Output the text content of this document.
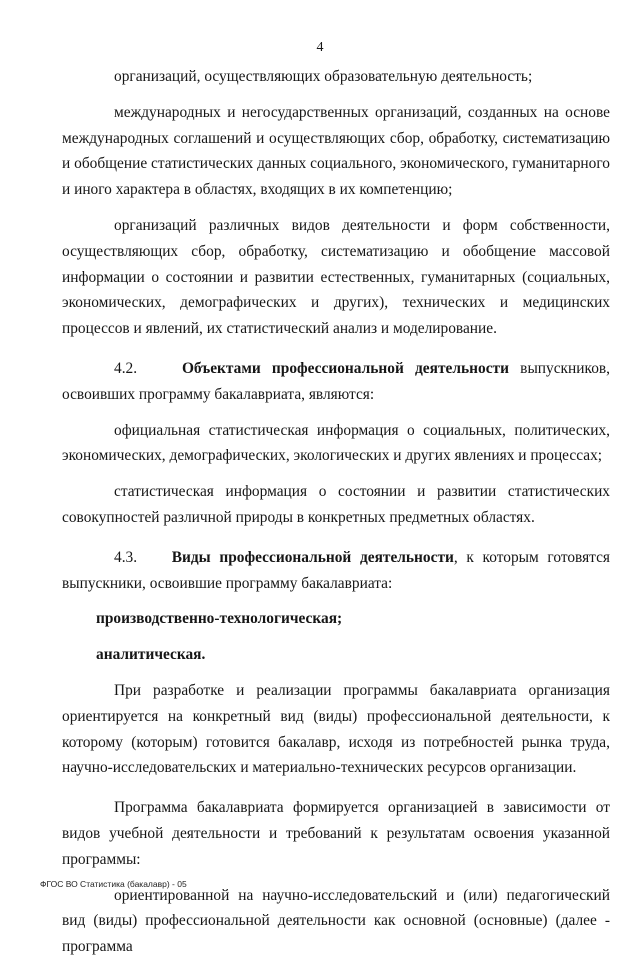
4

организаций, осуществляющих образовательную деятельность;

международных и негосударственных организаций, созданных на основе международных соглашений и осуществляющих сбор, обработку, систематизацию и обобщение статистических данных социального, экономического, гуманитарного и иного характера в областях, входящих в их компетенцию;

организаций различных видов деятельности и форм собственности, осуществляющих сбор, обработку, систематизацию и обобщение массовой информации о состоянии и развитии естественных, гуманитарных (социальных, экономических, демографических и других), технических и медицинских процессов и явлений, их статистический анализ и моделирование.

4.2.	Объектами профессиональной деятельности выпускников, освоивших программу бакалавриата, являются:

официальная статистическая информация о социальных, политических, экономических, демографических, экологических и других явлениях и процессах;

статистическая информация о состоянии и развитии статистических совокупностей различной природы в конкретных предметных областях.

4.3. Виды профессиональной деятельности, к которым готовятся выпускники, освоившие программу бакалавриата:

производственно-технологическая;

аналитическая.

При разработке и реализации программы бакалавриата организация ориентируется на конкретный вид (виды) профессиональной деятельности, к которому (которым) готовится бакалавр, исходя из потребностей рынка труда, научно-исследовательских и материально-технических ресурсов организации.

Программа бакалавриата формируется организацией в зависимости от видов учебной деятельности и требований к результатам освоения указанной программы:

ориентированной на научно-исследовательский и (или) педагогический вид (виды) профессиональной деятельности как основной (основные) (далее - программа

ФГОС ВО Статистика (бакалавр) - 05
